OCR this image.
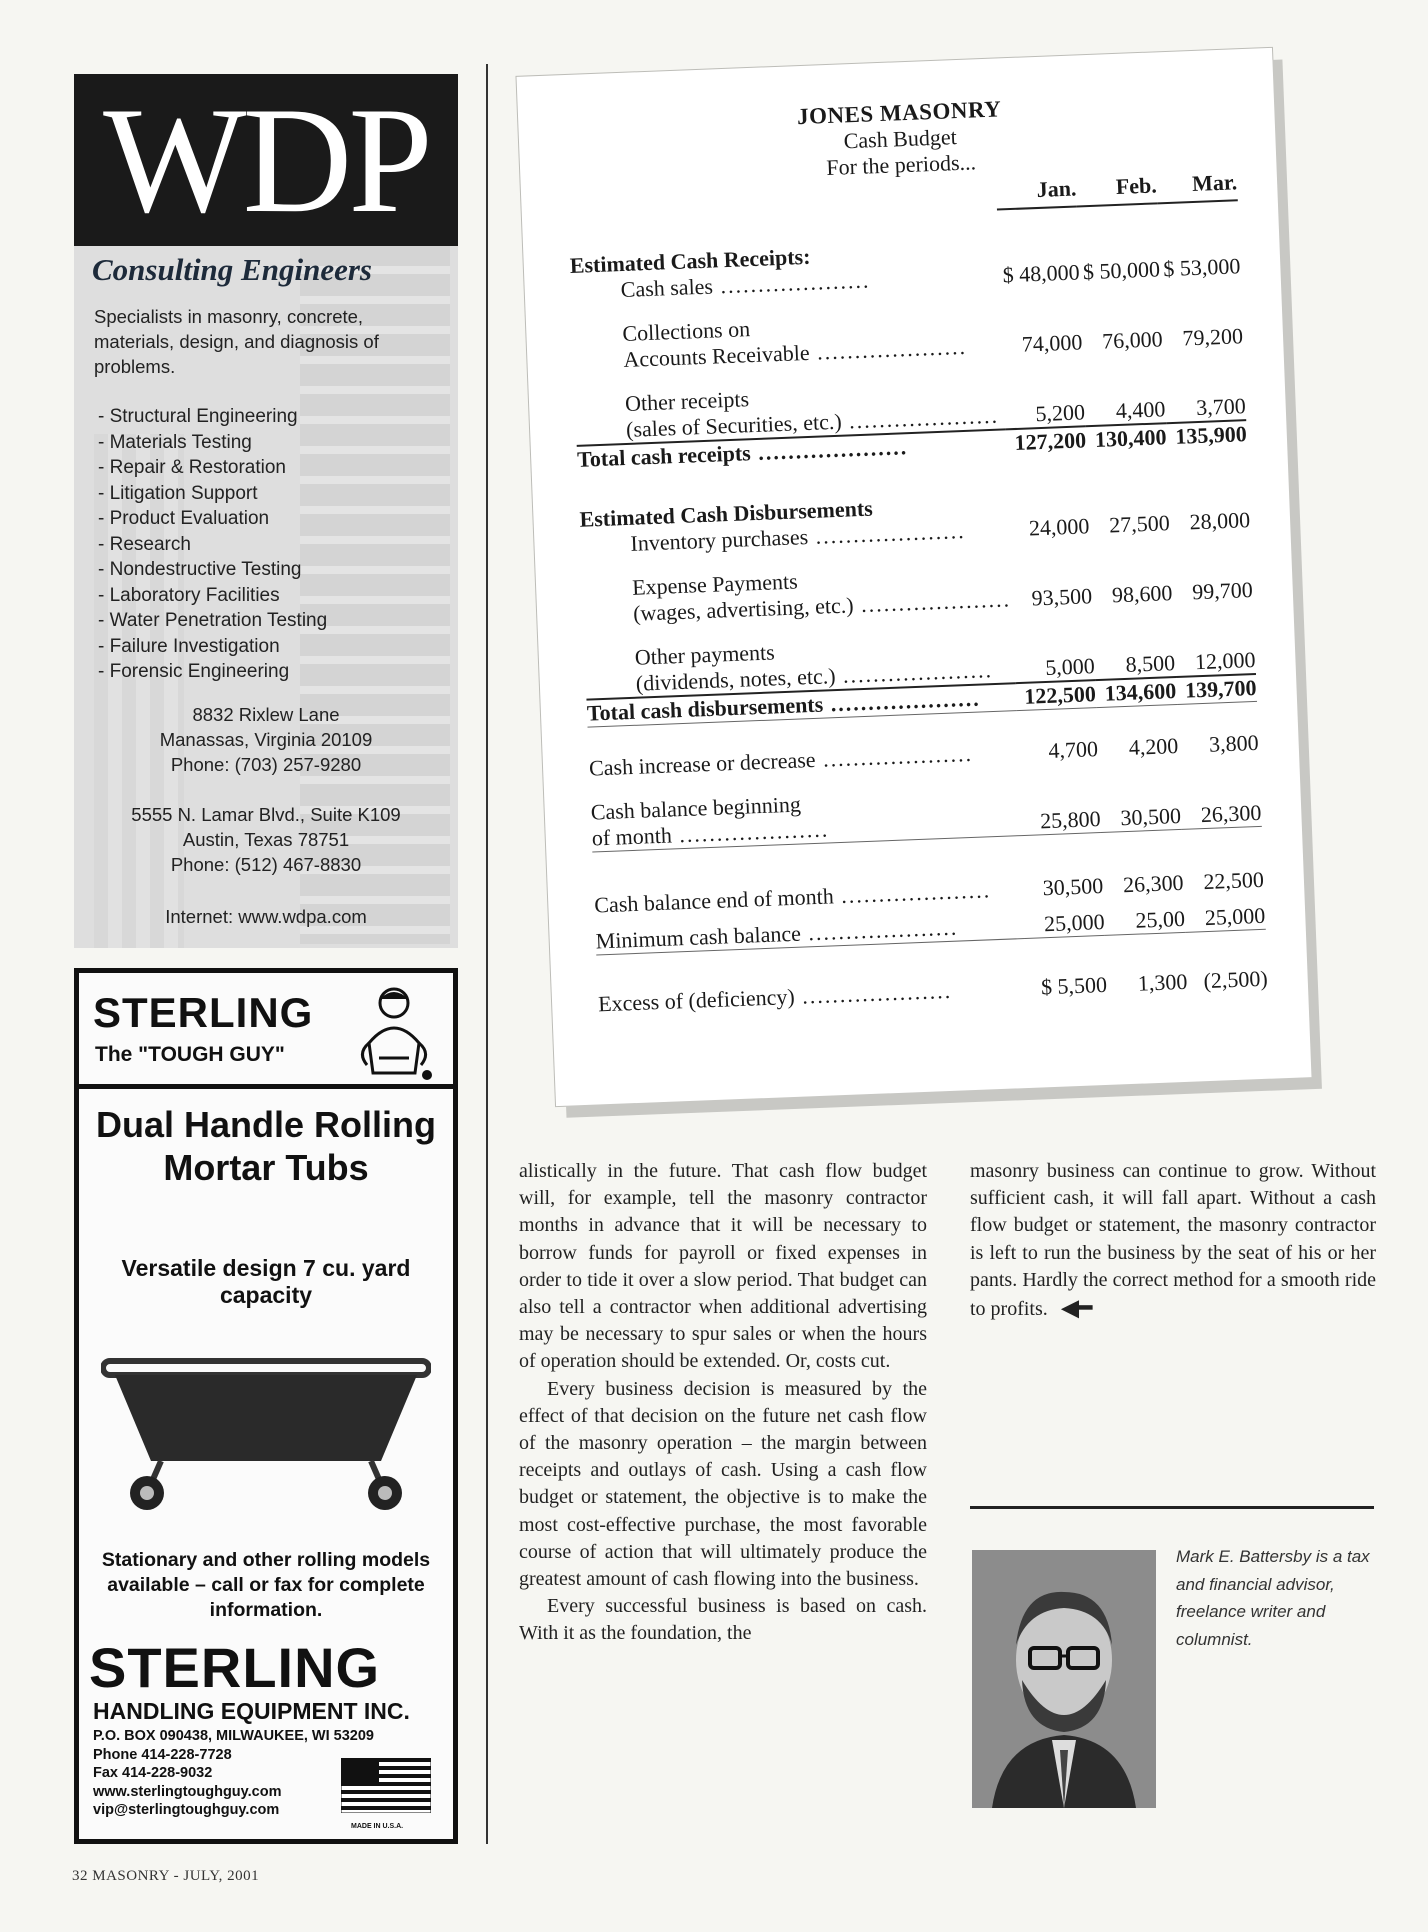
WDP
Consulting Engineers
Specialists in masonry, concrete, materials, design, and diagnosis of problems.
- Structural Engineering
- Materials Testing
- Repair & Restoration
- Litigation Support
- Product Evaluation
- Research
- Nondestructive Testing
- Laboratory Facilities
- Water Penetration Testing
- Failure Investigation
- Forensic Engineering

8832 Rixlew Lane

Manassas, Virginia 20109

Phone: (703) 257-9280

5555 N. Lamar Blvd., Suite K109

Austin, Texas 78751

Phone: (512) 467-8830

Internet: www.wdpa.com
STERLING
The "TOUGH GUY"
Dual Handle Rolling Mortar Tubs
Versatile design 7 cu. yard capacity
Stationary and other rolling models available – call or fax for complete information.
STERLING
HANDLING EQUIPMENT INC.
P.O. BOX 090438, MILWAUKEE, WI 53209
Phone 414-228-7728
Fax 414-228-9032
www.sterlingtoughguy.com
vip@sterlingtoughguy.com
MADE IN U.S.A.
JONES MASONRY
Cash Budget
For the periods...
	Jan.	Feb.	Mar.
Estimated Cash Receipts:			
Cash sales .....	$ 48,000	$ 50,000	$ 53,000

Collections on
Accounts Receivable .....	74,000	76,000	79,200

Other receipts
(sales of Securities, etc.) .....	5,200	4,400	3,700
Total cash receipts .....	127,200	130,400	135,900
Estimated Cash Disbursements			
Inventory purchases .....	24,000	27,500	28,000

Expense Payments
(wages, advertising, etc.) .....	93,500	98,600	99,700

Other payments
(dividends, notes, etc.) .....	5,000	8,500	12,000
Total cash disbursements .....	122,500	134,600	139,700
Cash increase or decrease .....	4,700	4,200	3,800

Cash balance beginning
of month .....	25,800	30,500	26,300
Cash balance end of month .....	30,500	26,300	22,500
Minimum cash balance .....	25,000	25,00	25,000
Excess of (deficiency) .....	$ 5,500	1,300	(2,500)

alistically in the future. That cash flow budget will, for example, tell the masonry contractor months in advance that it will be necessary to borrow funds for payroll or fixed expenses in order to tide it over a slow period. That budget can also tell a contractor when additional advertising may be necessary to spur sales or when the hours of operation should be extended. Or, costs cut.

Every business decision is measured by the effect of that decision on the future net cash flow of the masonry operation – the margin between receipts and outlays of cash. Using a cash flow budget or statement, the objective is to make the most cost-effective purchase, the most favorable course of action that will ultimately produce the greatest amount of cash flowing into the business.

Every successful business is based on cash. With it as the foundation, the

masonry business can continue to grow. Without sufficient cash, it will fall apart. Without a cash flow budget or statement, the masonry contractor is left to run the business by the seat of his or her pants. Hardly the correct method for a smooth ride to profits. ◀━

Mark E. Battersby is a tax and financial advisor, freelance writer and columnist.
32 MASONRY - JULY, 2001
